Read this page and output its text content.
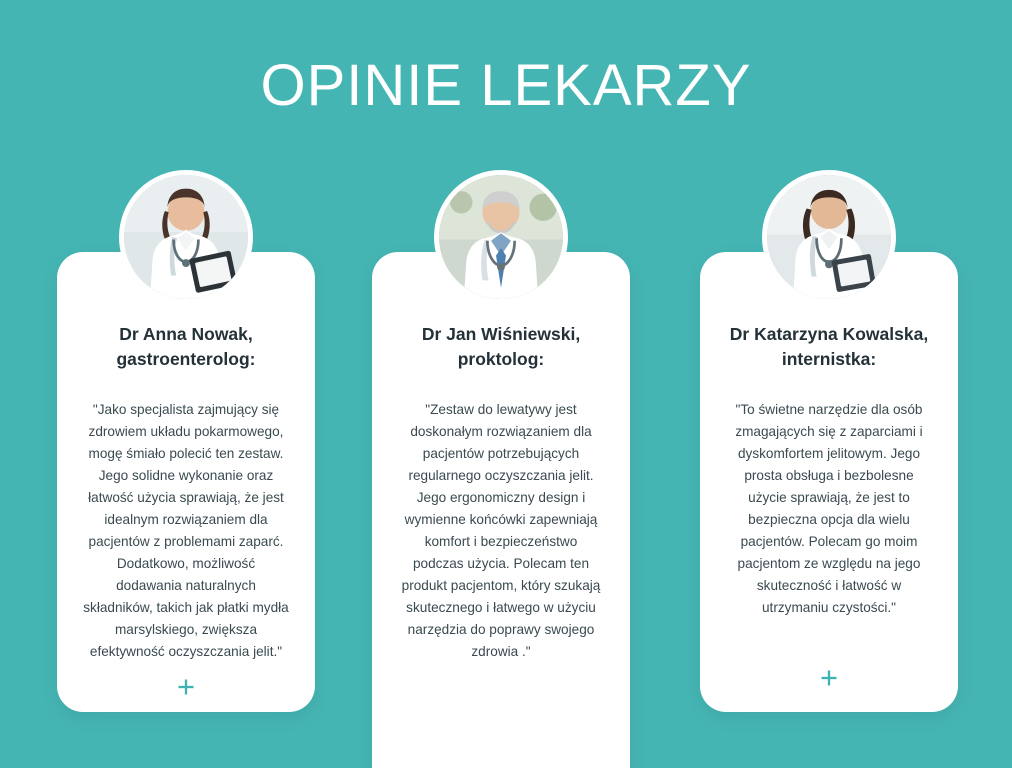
OPINIE LEKARZY
Dr Anna Nowak, gastroenterolog:
"Jako specjalista zajmujący się zdrowiem układu pokarmowego, mogę śmiało polecić ten zestaw. Jego solidne wykonanie oraz łatwość użycia sprawiają, że jest idealnym rozwiązaniem dla pacjentów z problemami zaparć. Dodatkowo, możliwość dodawania naturalnych składników, takich jak płatki mydła marsylskiego, zwiększa efektywność oczyszczania jelit."
Dr Jan Wiśniewski, proktolog:
"Zestaw do lewatywy jest doskonałym rozwiązaniem dla pacjentów potrzebujących regularnego oczyszczania jelit. Jego ergonomiczny design i wymienne końcówki zapewniają komfort i bezpieczeństwo podczas użycia. Polecam ten produkt pacjentom, który szukają skutecznego i łatwego w użyciu narzędzia do poprawy swojego zdrowia ."
Dr Katarzyna Kowalska, internistka:
"To świetne narzędzie dla osób zmagających się z zaparciami i dyskomfortem jelitowym. Jego prosta obsługa i bezbolesne użycie sprawiają, że jest to bezpieczna opcja dla wielu pacjentów. Polecam go moim pacjentom ze względu na jego skuteczność i łatwość w utrzymaniu czystości."
